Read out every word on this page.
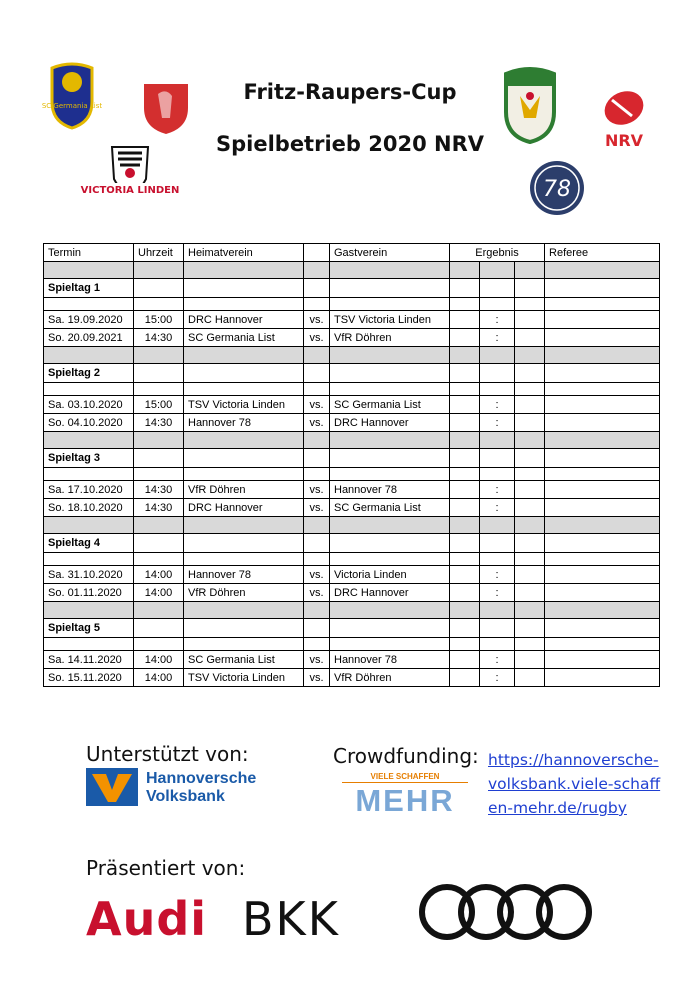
Fritz-Raupers-Cup
Spielbetrieb 2020 NRV
SC Germania List
VICTORIA LINDEN
NRV
78
Termin	Uhrzeit	Heimatverein		Gastverein	Ergebnis			Referee

Spieltag 1								

Sa. 19.09.2020	15:00	DRC Hannover	vs.	TSV Victoria Linden		:		
So. 20.09.2021	14:30	SC Germania List	vs.	VfR Döhren		:		

Spieltag 2								

Sa. 03.10.2020	15:00	TSV Victoria Linden	vs.	SC Germania List		:		
So. 04.10.2020	14:30	Hannover 78	vs.	DRC Hannover		:		

Spieltag 3								

Sa. 17.10.2020	14:30	VfR Döhren	vs.	Hannover 78		:		
So. 18.10.2020	14:30	DRC Hannover	vs.	SC Germania List		:		

Spieltag 4								

Sa. 31.10.2020	14:00	Hannover 78	vs.	Victoria Linden		:		
So. 01.11.2020	14:00	VfR Döhren	vs.	DRC Hannover		:		

Spieltag 5								

Sa. 14.11.2020	14:00	SC Germania List	vs.	Hannover 78		:		
So. 15.11.2020	14:00	TSV Victoria Linden	vs.	VfR Döhren		:		
Unterstützt von:
Hannoversche
Volksbank
Crowdfunding:
VIELE SCHAFFEN
MEHR
https://hannoversche-volksbank.viele-schaffen-mehr.de/rugby
Präsentiert von:
Audi BKK
